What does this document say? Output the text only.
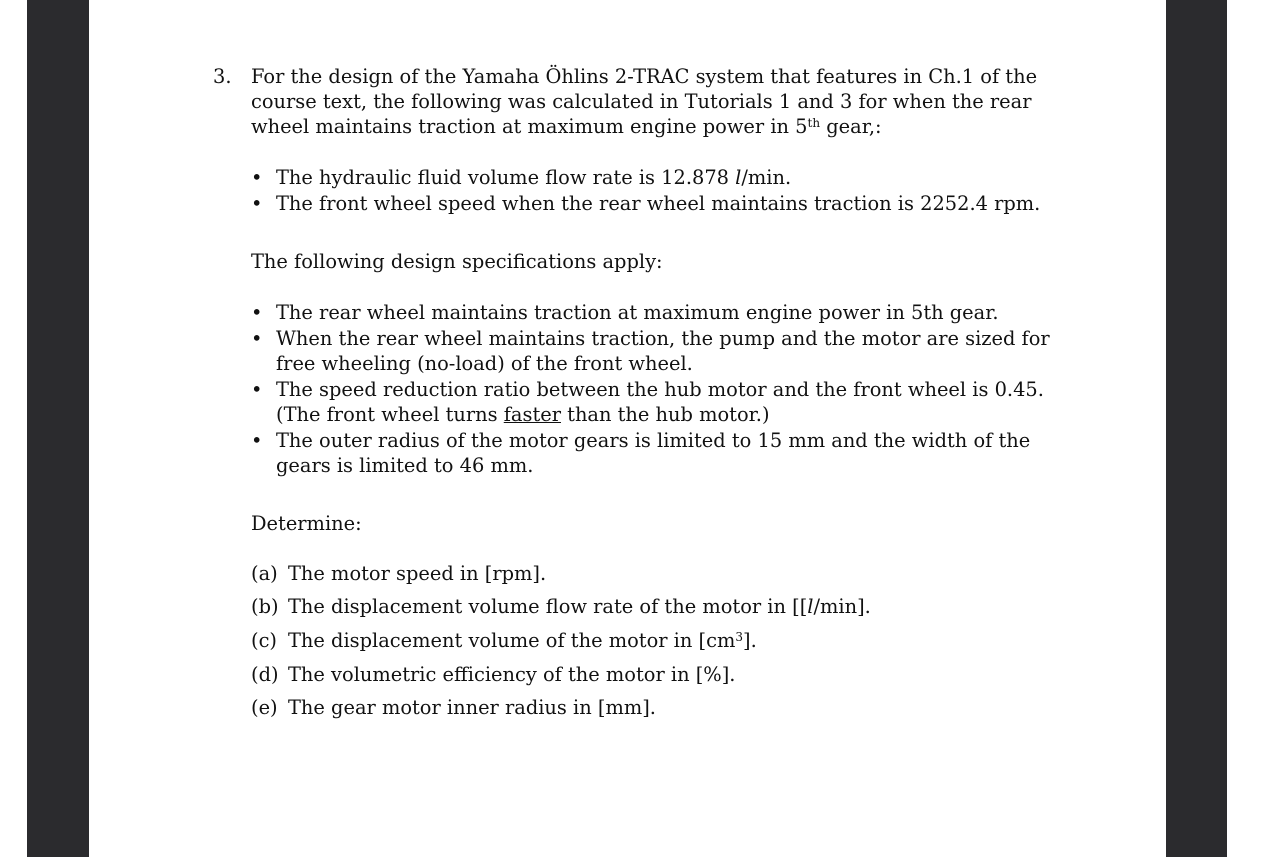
3. For the design of the Yamaha Öhlins 2-TRAC system that features in Ch.1 of the course text, the following was calculated in Tutorials 1 and 3 for when the rear wheel maintains traction at maximum engine power in 5th gear,:
• The hydraulic fluid volume flow rate is 12.878 l/min.
• The front wheel speed when the rear wheel maintains traction is 2252.4 rpm.
The following design specifications apply:
• The rear wheel maintains traction at maximum engine power in 5th gear.
• When the rear wheel maintains traction, the pump and the motor are sized for free wheeling (no-load) of the front wheel.
• The speed reduction ratio between the hub motor and the front wheel is 0.45. (The front wheel turns faster than the hub motor.)
• The outer radius of the motor gears is limited to 15 mm and the width of the gears is limited to 46 mm.
Determine:
(a) The motor speed in [rpm].
(b) The displacement volume flow rate of the motor in [[l/min].
(c) The displacement volume of the motor in $[cm^3]$.
(d) The volumetric efficiency of the motor in [%].
(e) The gear motor inner radius in [mm].
